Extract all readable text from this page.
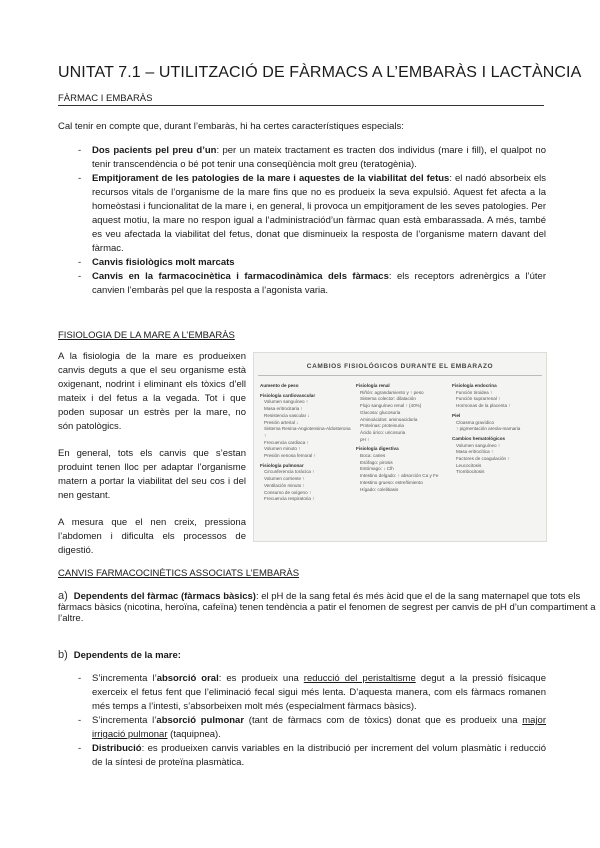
UNITAT 7.1 – UTILITZACIÓ DE FÀRMACS A L’EMBARÀS I LACTÀNCIA
FÀRMAC I EMBARÀS

Cal tenir en compte que, durant l’embaràs, hi ha certes característiques especials:

- Dos pacients pel preu d’un: per un mateix tractament es tracten dos individus (mare i fill), el qualpot no tenir transcendència o bé pot tenir una conseqüència molt greu (teratogènia).
- Empitjorament de les patologies de la mare i aquestes de la viabilitat del fetus: el nadó absorbeix els recursos vitals de l’organisme de la mare fins que no es produeix la seva expulsió. Aquest fet afecta a la homeòstasi i funcionalitat de la mare i, en general, li provoca un empitjorament de les seves patologies. Per aquest motiu, la mare no respon igual a l’administraciód’un fàrmac quan està embarassada. A més, també es veu afectada la viabilitat del fetus, donat que disminueix la resposta de l’organisme matern davant del fàrmac.
- Canvis fisiològics molt marcats
- Canvis en la farmacocinètica i farmacodinàmica dels fàrmacs: els receptors adrenèrgics a l’úter canvien l’embaràs pel que la resposta a l’agonista varia.
FISIOLOGIA DE LA MARE A L’EMBARÀS

A la fisiologia de la mare es produeixen canvis deguts a que el seu organisme està oxigenant, nodrint i eliminant els tòxics d’ell mateix i del fetus a la vegada. Tot i que poden suposar un estrès per la mare, no són patològics.

En general, tots els canvis que s’estan produint tenen lloc per adaptar l’organisme matern a portar la viabilitat del seu cos i del nen gestant.

A mesura que el nen creix, pressiona l’abdomen i dificulta els processos de digestió.

CAMBIOS FISIOLÓGICOS DURANTE EL EMBARAZO
Aumento de peso
Fisiología cardiovascular
Volumen sanguíneo ↑
Masa eritrocitaria ↑
Resistencia vascular ↓
Presión arterial ↓
Sistema Renina-Angiotensina-Aldosterona ↑
Frecuencia cardiaca ↑
Volumen minuto ↑
Presión venosa femoral ↑
Fisiología pulmonar
Circunferencia torácica ↑
Volumen corriente ↑
Ventilación minuto ↑
Consumo de oxígeno ↑
Frecuencia respiratoria ↑
Fisiología renal
Riñón: agrandamiento y ↑ peso
Sistema colector: dilatación
Flujo sanguíneo renal ↑ (40%)
Glucosa: glucosuria
Aminoácidos: aminoaciduria
Proteínas: proteinuria
Ácido úrico: uricosuria
pH ↑
Fisiología digestiva
Boca: caries
Esófago: pirosis
Estómago: ↓ Clh
Intestino delgado: ↑ absorción Ca y Fe
Intestino grueso: estreñimiento
Hígado: colelitiasis
Fisiología endocrina
Función tiroidea ↑
Función suprarrenal ↑
Hormonas de la placenta ↑
Piel
Cloasma gravídico
↑ pigmentación areola-mamaria
Cambios hematológicos
Volumen sanguíneo ↑
Masa eritrocítica ↑
Factores de coagulación ↑
Leucocitosis
Trombocitosis
CANVIS FARMACOCINÈTICS ASSOCIATS L’EMBARÀS
a) Dependents del fàrmac (fàrmacs bàsics): el pH de la sang fetal és més àcid que el de la sang maternapel que tots els fàrmacs bàsics (nicotina, heroïna, cafeïna) tenen tendència a patir el fenomen de segrest per canvis de pH d’un compartiment a l’altre.
b) Dependents de la mare:
- S’incrementa l’absorció oral: es produeix una reducció del peristaltisme degut a la pressió físicaque exerceix el fetus fent que l’eliminació fecal sigui més lenta. D’aquesta manera, com els fàrmacs romanen més temps a l’intesti, s’absorbeixen molt més (especialment fàrmacs bàsics).
- S’incrementa l’absorció pulmonar (tant de fàrmacs com de tòxics) donat que es produeix una major irrigació pulmonar (taquipnea).
- Distribució: es produeixen canvis variables en la distribució per increment del volum plasmàtic i reducció de la síntesi de proteïna plasmàtica.
